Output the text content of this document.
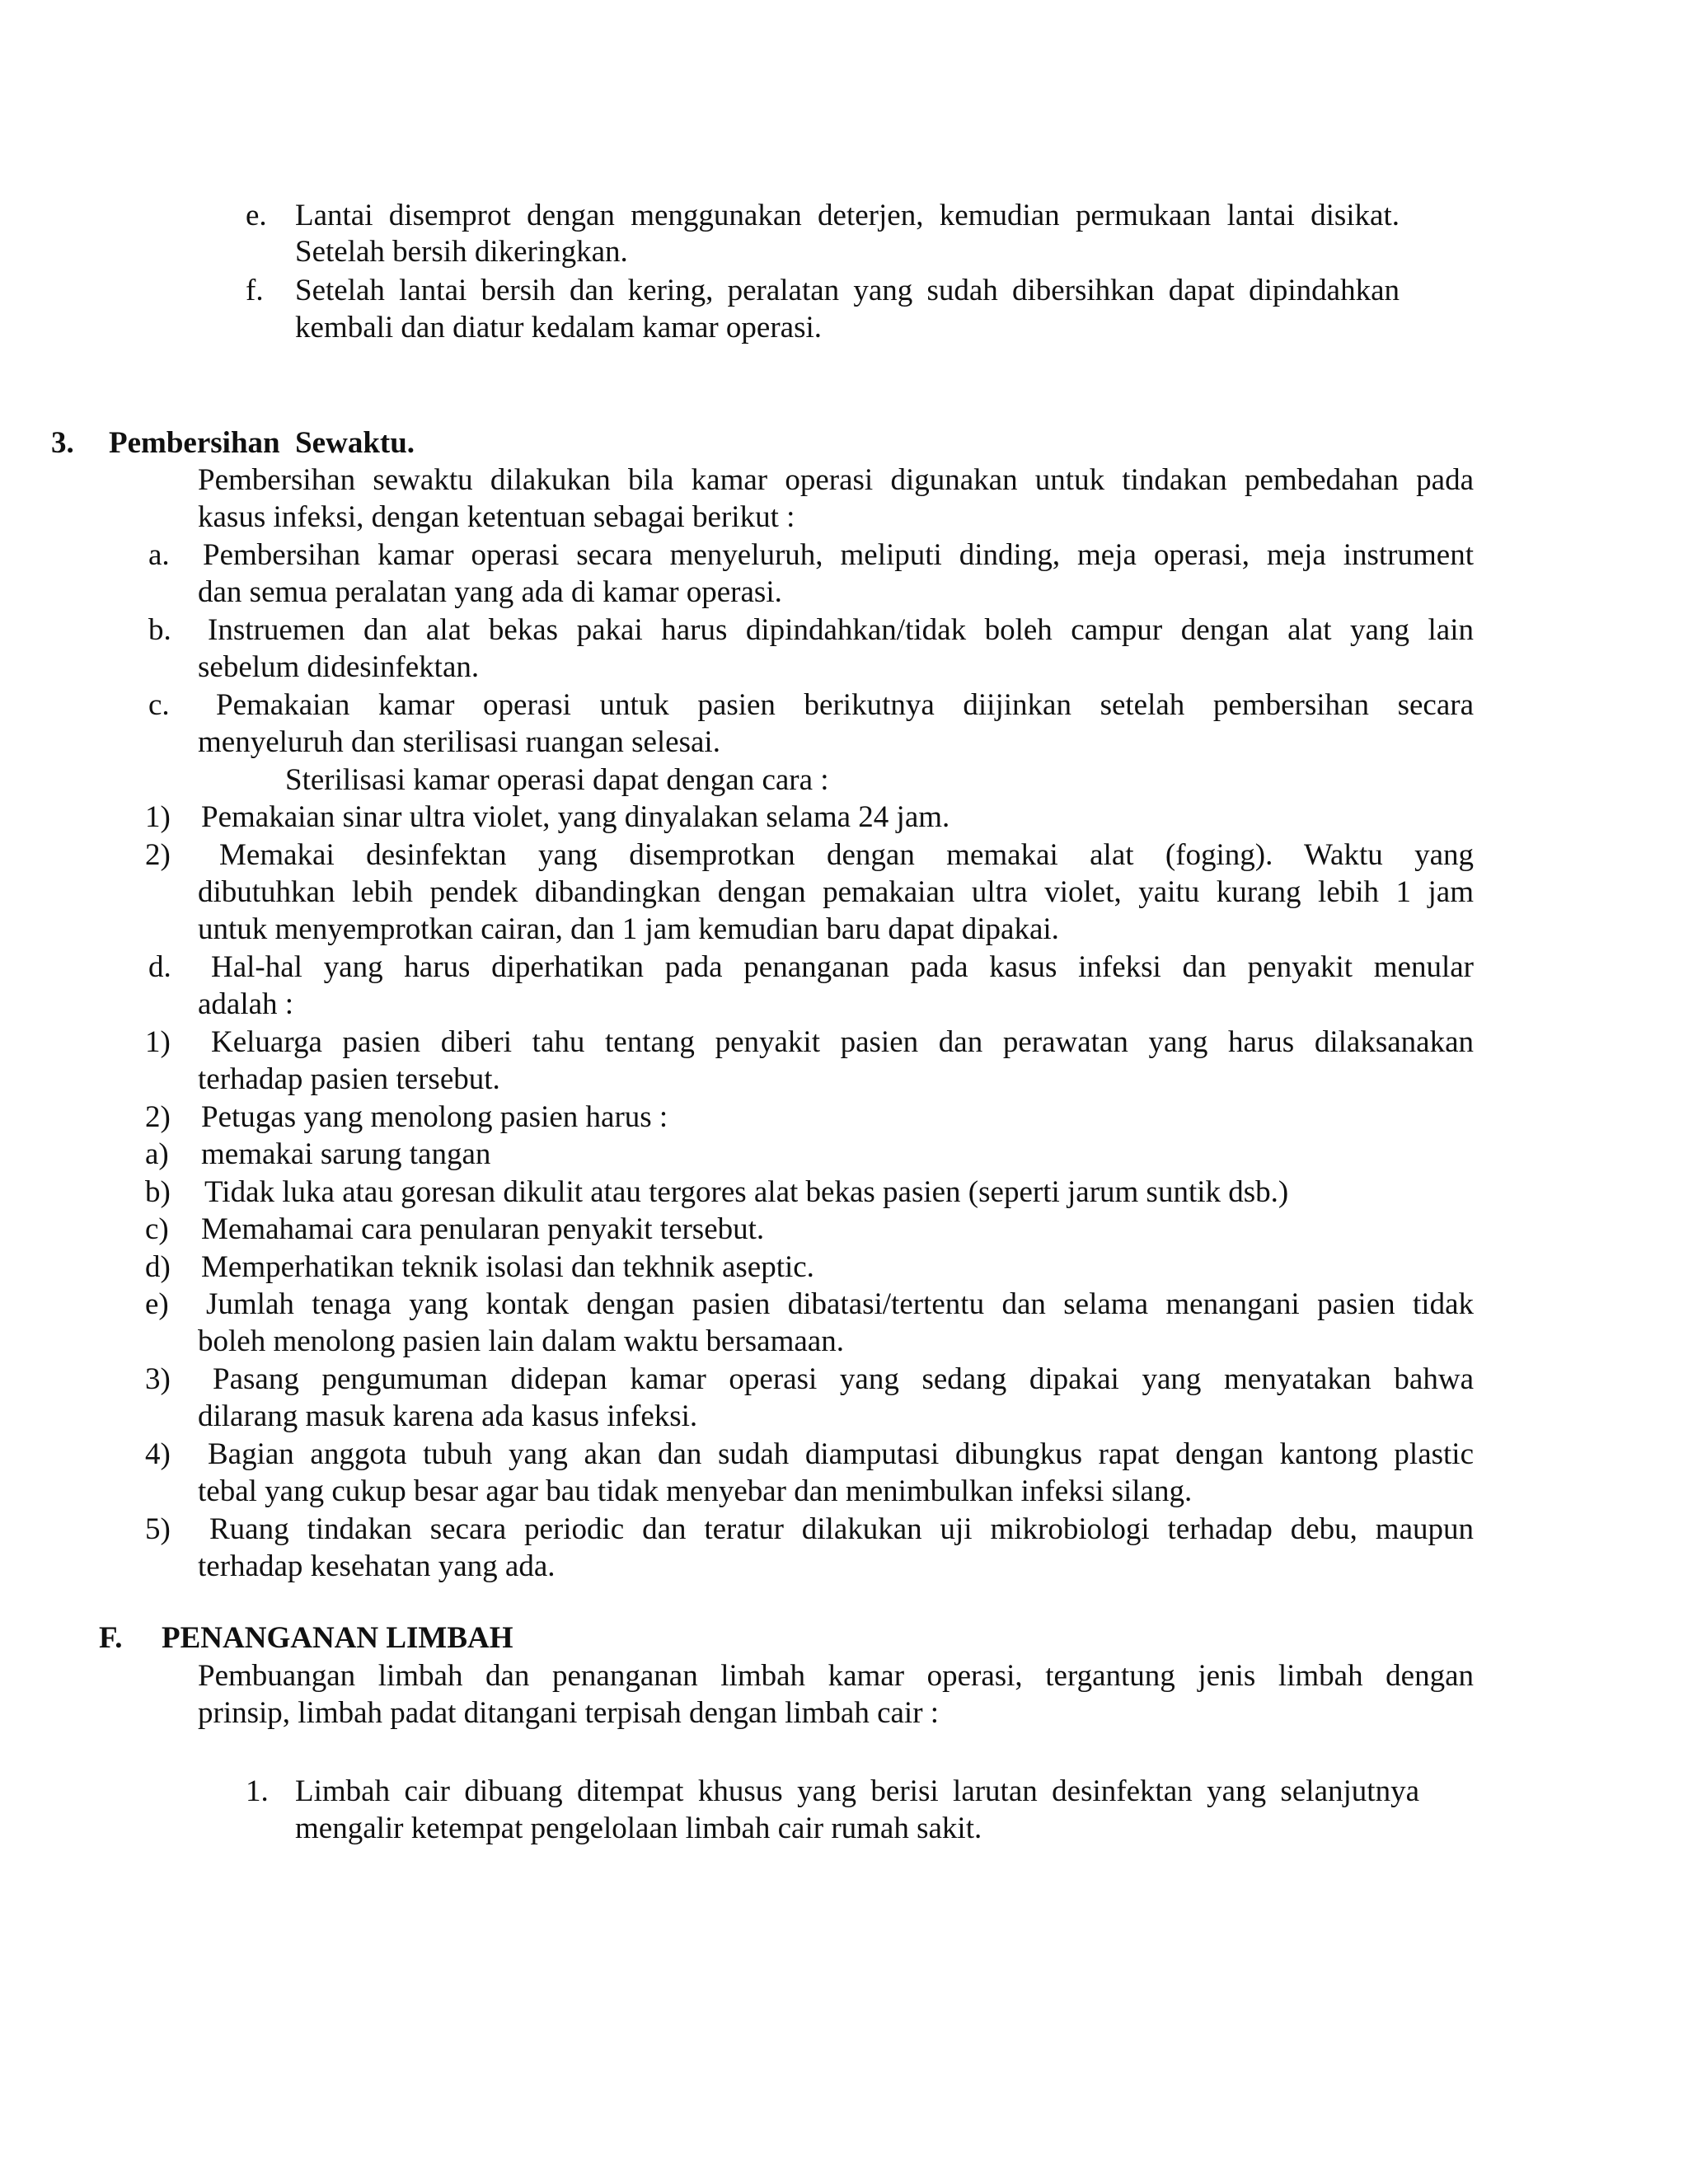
e. Lantai disemprot dengan menggunakan deterjen, kemudian permukaan lantai disikat.
Setelah bersih dikeringkan.
f. Setelah lantai bersih dan kering, peralatan yang sudah dibersihkan dapat dipindahkan
kembali dan diatur kedalam kamar operasi.
3. Pembersihan  Sewaktu.
Pembersihan sewaktu dilakukan bila kamar operasi digunakan untuk tindakan pembedahan pada
kasus infeksi, dengan ketentuan sebagai berikut :
a. Pembersihan kamar operasi secara menyeluruh, meliputi dinding, meja operasi, meja instrument
dan semua peralatan yang ada di kamar operasi.
b. Instruemen dan alat bekas pakai harus dipindahkan/tidak boleh campur dengan alat yang lain
sebelum didesinfektan.
c. Pemakaian kamar operasi untuk pasien berikutnya diijinkan setelah pembersihan secara
menyeluruh dan sterilisasi ruangan selesai.
Sterilisasi kamar operasi dapat dengan cara :
1) Pemakaian sinar ultra violet, yang dinyalakan selama 24 jam.
2) Memakai desinfektan yang disemprotkan dengan memakai alat (foging). Waktu yang
dibutuhkan lebih pendek dibandingkan dengan pemakaian ultra violet, yaitu kurang lebih 1 jam
untuk menyemprotkan cairan, dan 1 jam kemudian baru dapat dipakai.
d. Hal-hal yang harus diperhatikan pada penanganan pada kasus infeksi dan penyakit menular
adalah :
1) Keluarga pasien diberi tahu tentang penyakit pasien dan perawatan yang harus dilaksanakan
terhadap pasien tersebut.
2) Petugas yang menolong pasien harus :
a) memakai sarung tangan
b) Tidak luka atau goresan dikulit atau tergores alat bekas pasien (seperti jarum suntik dsb.)
c) Memahamai cara penularan penyakit tersebut.
d) Memperhatikan teknik isolasi dan tekhnik aseptic.
e) Jumlah tenaga yang kontak dengan pasien dibatasi/tertentu dan selama menangani pasien tidak
boleh menolong pasien lain dalam waktu bersamaan.
3) Pasang pengumuman didepan kamar operasi yang sedang dipakai yang menyatakan bahwa
dilarang masuk karena ada kasus infeksi.
4) Bagian anggota tubuh yang akan dan sudah diamputasi dibungkus rapat dengan kantong plastic
tebal yang cukup besar agar bau tidak menyebar dan menimbulkan infeksi silang.
5) Ruang tindakan secara periodic dan teratur dilakukan uji mikrobiologi terhadap debu, maupun
terhadap kesehatan yang ada.
F. PENANGANAN LIMBAH
Pembuangan limbah dan penanganan limbah kamar operasi, tergantung jenis limbah dengan
prinsip, limbah padat ditangani terpisah dengan limbah cair :
1. Limbah cair dibuang ditempat khusus yang berisi larutan desinfektan yang selanjutnya
mengalir ketempat pengelolaan limbah cair rumah sakit.
